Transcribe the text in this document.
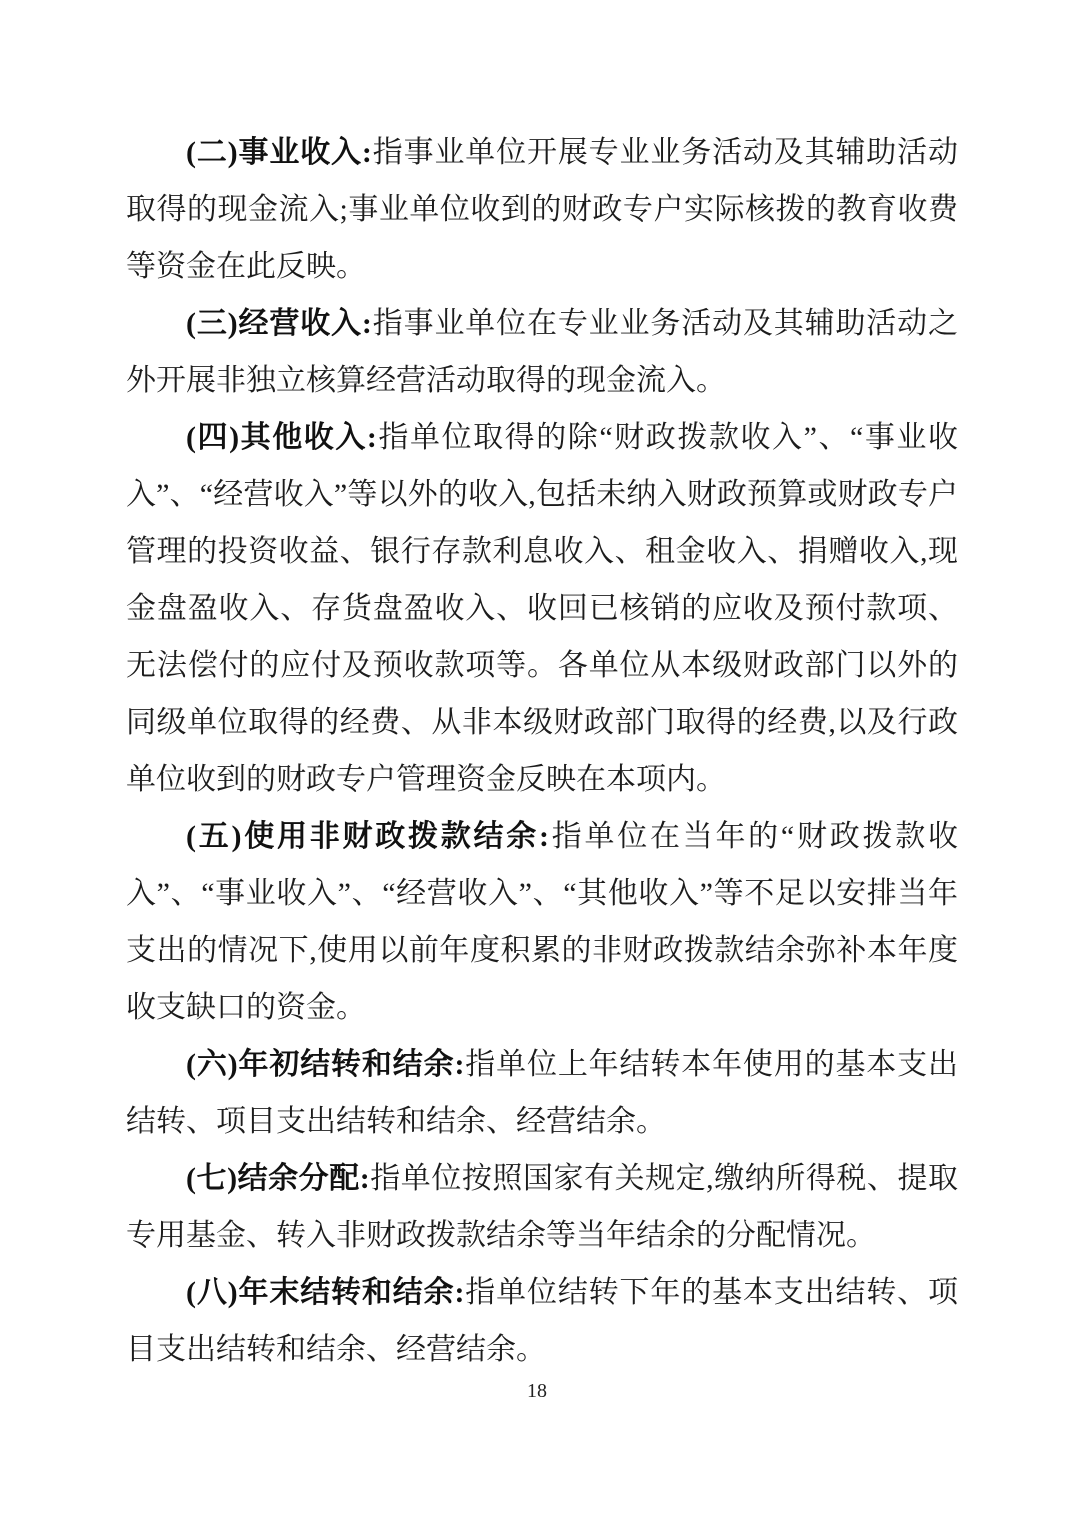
(二)事业收入:指事业单位开展专业业务活动及其辅助活动取得的现金流入;事业单位收到的财政专户实际核拨的教育收费等资金在此反映。

(三)经营收入:指事业单位在专业业务活动及其辅助活动之外开展非独立核算经营活动取得的现金流入。

(四)其他收入:指单位取得的除“财政拨款收入”、“事业收入”、“经营收入”等以外的收入,包括未纳入财政预算或财政专户管理的投资收益、银行存款利息收入、租金收入、捐赠收入,现金盘盈收入、存货盘盈收入、收回已核销的应收及预付款项、无法偿付的应付及预收款项等。各单位从本级财政部门以外的同级单位取得的经费、从非本级财政部门取得的经费,以及行政单位收到的财政专户管理资金反映在本项内。

(五)使用非财政拨款结余:指单位在当年的“财政拨款收入”、“事业收入”、“经营收入”、“其他收入”等不足以安排当年支出的情况下,使用以前年度积累的非财政拨款结余弥补本年度收支缺口的资金。

(六)年初结转和结余:指单位上年结转本年使用的基本支出结转、项目支出结转和结余、经营结余。

(七)结余分配:指单位按照国家有关规定,缴纳所得税、提取专用基金、转入非财政拨款结余等当年结余的分配情况。

(八)年末结转和结余:指单位结转下年的基本支出结转、项目支出结转和结余、经营结余。

18
